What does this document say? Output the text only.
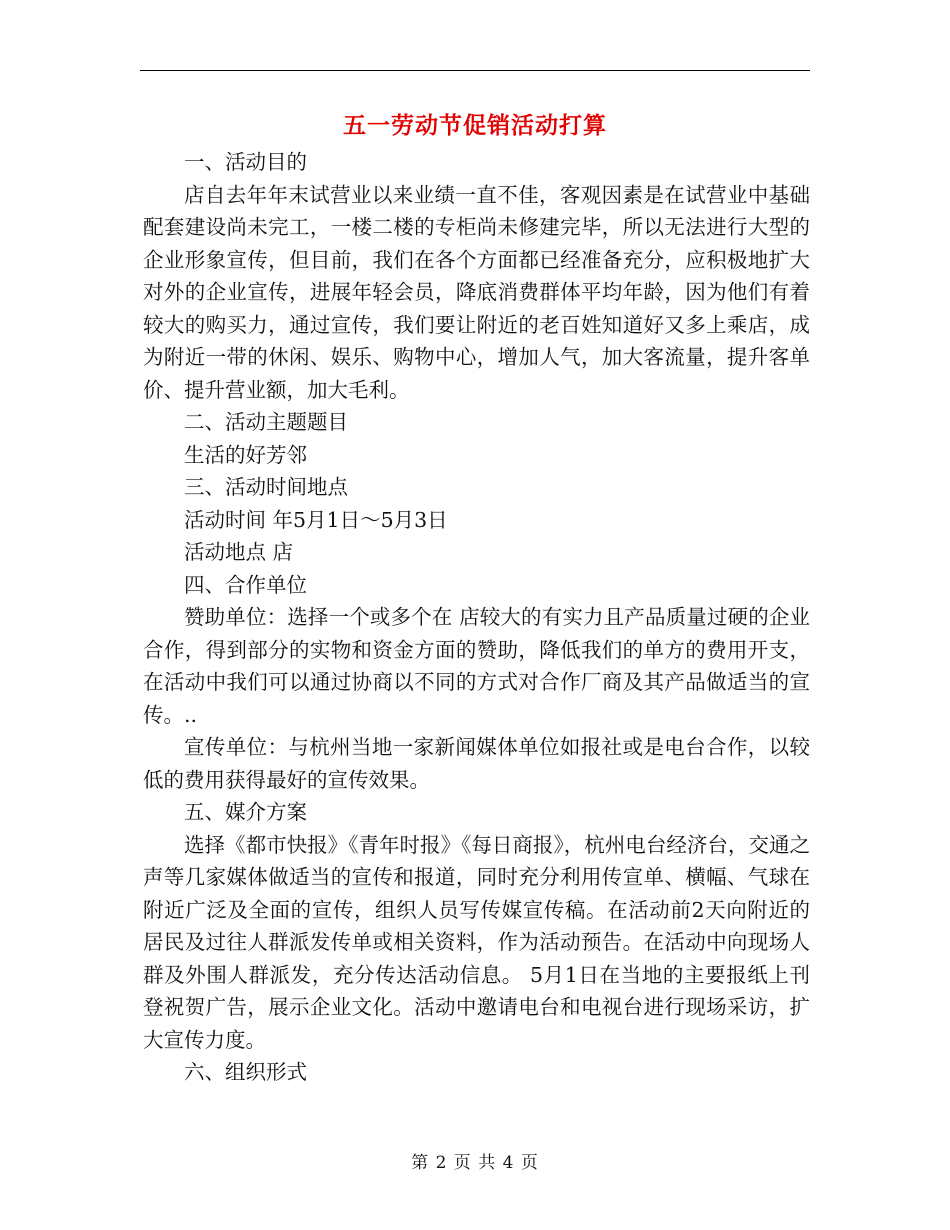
五一劳动节促销活动打算

一、活动目的

店自去年年末试营业以来业绩一直不佳，客观因素是在试营业中基础配套建设尚未完工，一楼二楼的专柜尚未修建完毕，所以无法进行大型的企业形象宣传，但目前，我们在各个方面都已经准备充分，应积极地扩大对外的企业宣传，进展年轻会员，降底消费群体平均年龄，因为他们有着较大的购买力，通过宣传，我们要让附近的老百姓知道好又多上乘店，成为附近一带的休闲、娱乐、购物中心，增加人气，加大客流量，提升客单价、提升营业额，加大毛利。

二、活动主题题目

生活的好芳邻

三、活动时间地点

活动时间 年5月1日～5月3日

活动地点 店

四、合作单位

赞助单位：选择一个或多个在 店较大的有实力且产品质量过硬的企业合作，得到部分的实物和资金方面的赞助，降低我们的单方的费用开支，在活动中我们可以通过协商以不同的方式对合作厂商及其产品做适当的宣传。..

宣传单位：与杭州当地一家新闻媒体单位如报社或是电台合作，以较低的费用获得最好的宣传效果。

五、媒介方案

选择《都市快报》《青年时报》《每日商报》，杭州电台经济台，交通之声等几家媒体做适当的宣传和报道，同时充分利用传宣单、横幅、气球在附近广泛及全面的宣传，组织人员写传媒宣传稿。在活动前2天向附近的居民及过往人群派发传单或相关资料，作为活动预告。在活动中向现场人群及外围人群派发，充分传达活动信息。 5月1日在当地的主要报纸上刊登祝贺广告，展示企业文化。活动中邀请电台和电视台进行现场采访，扩大宣传力度。

六、组织形式

第 2 页 共 4 页
